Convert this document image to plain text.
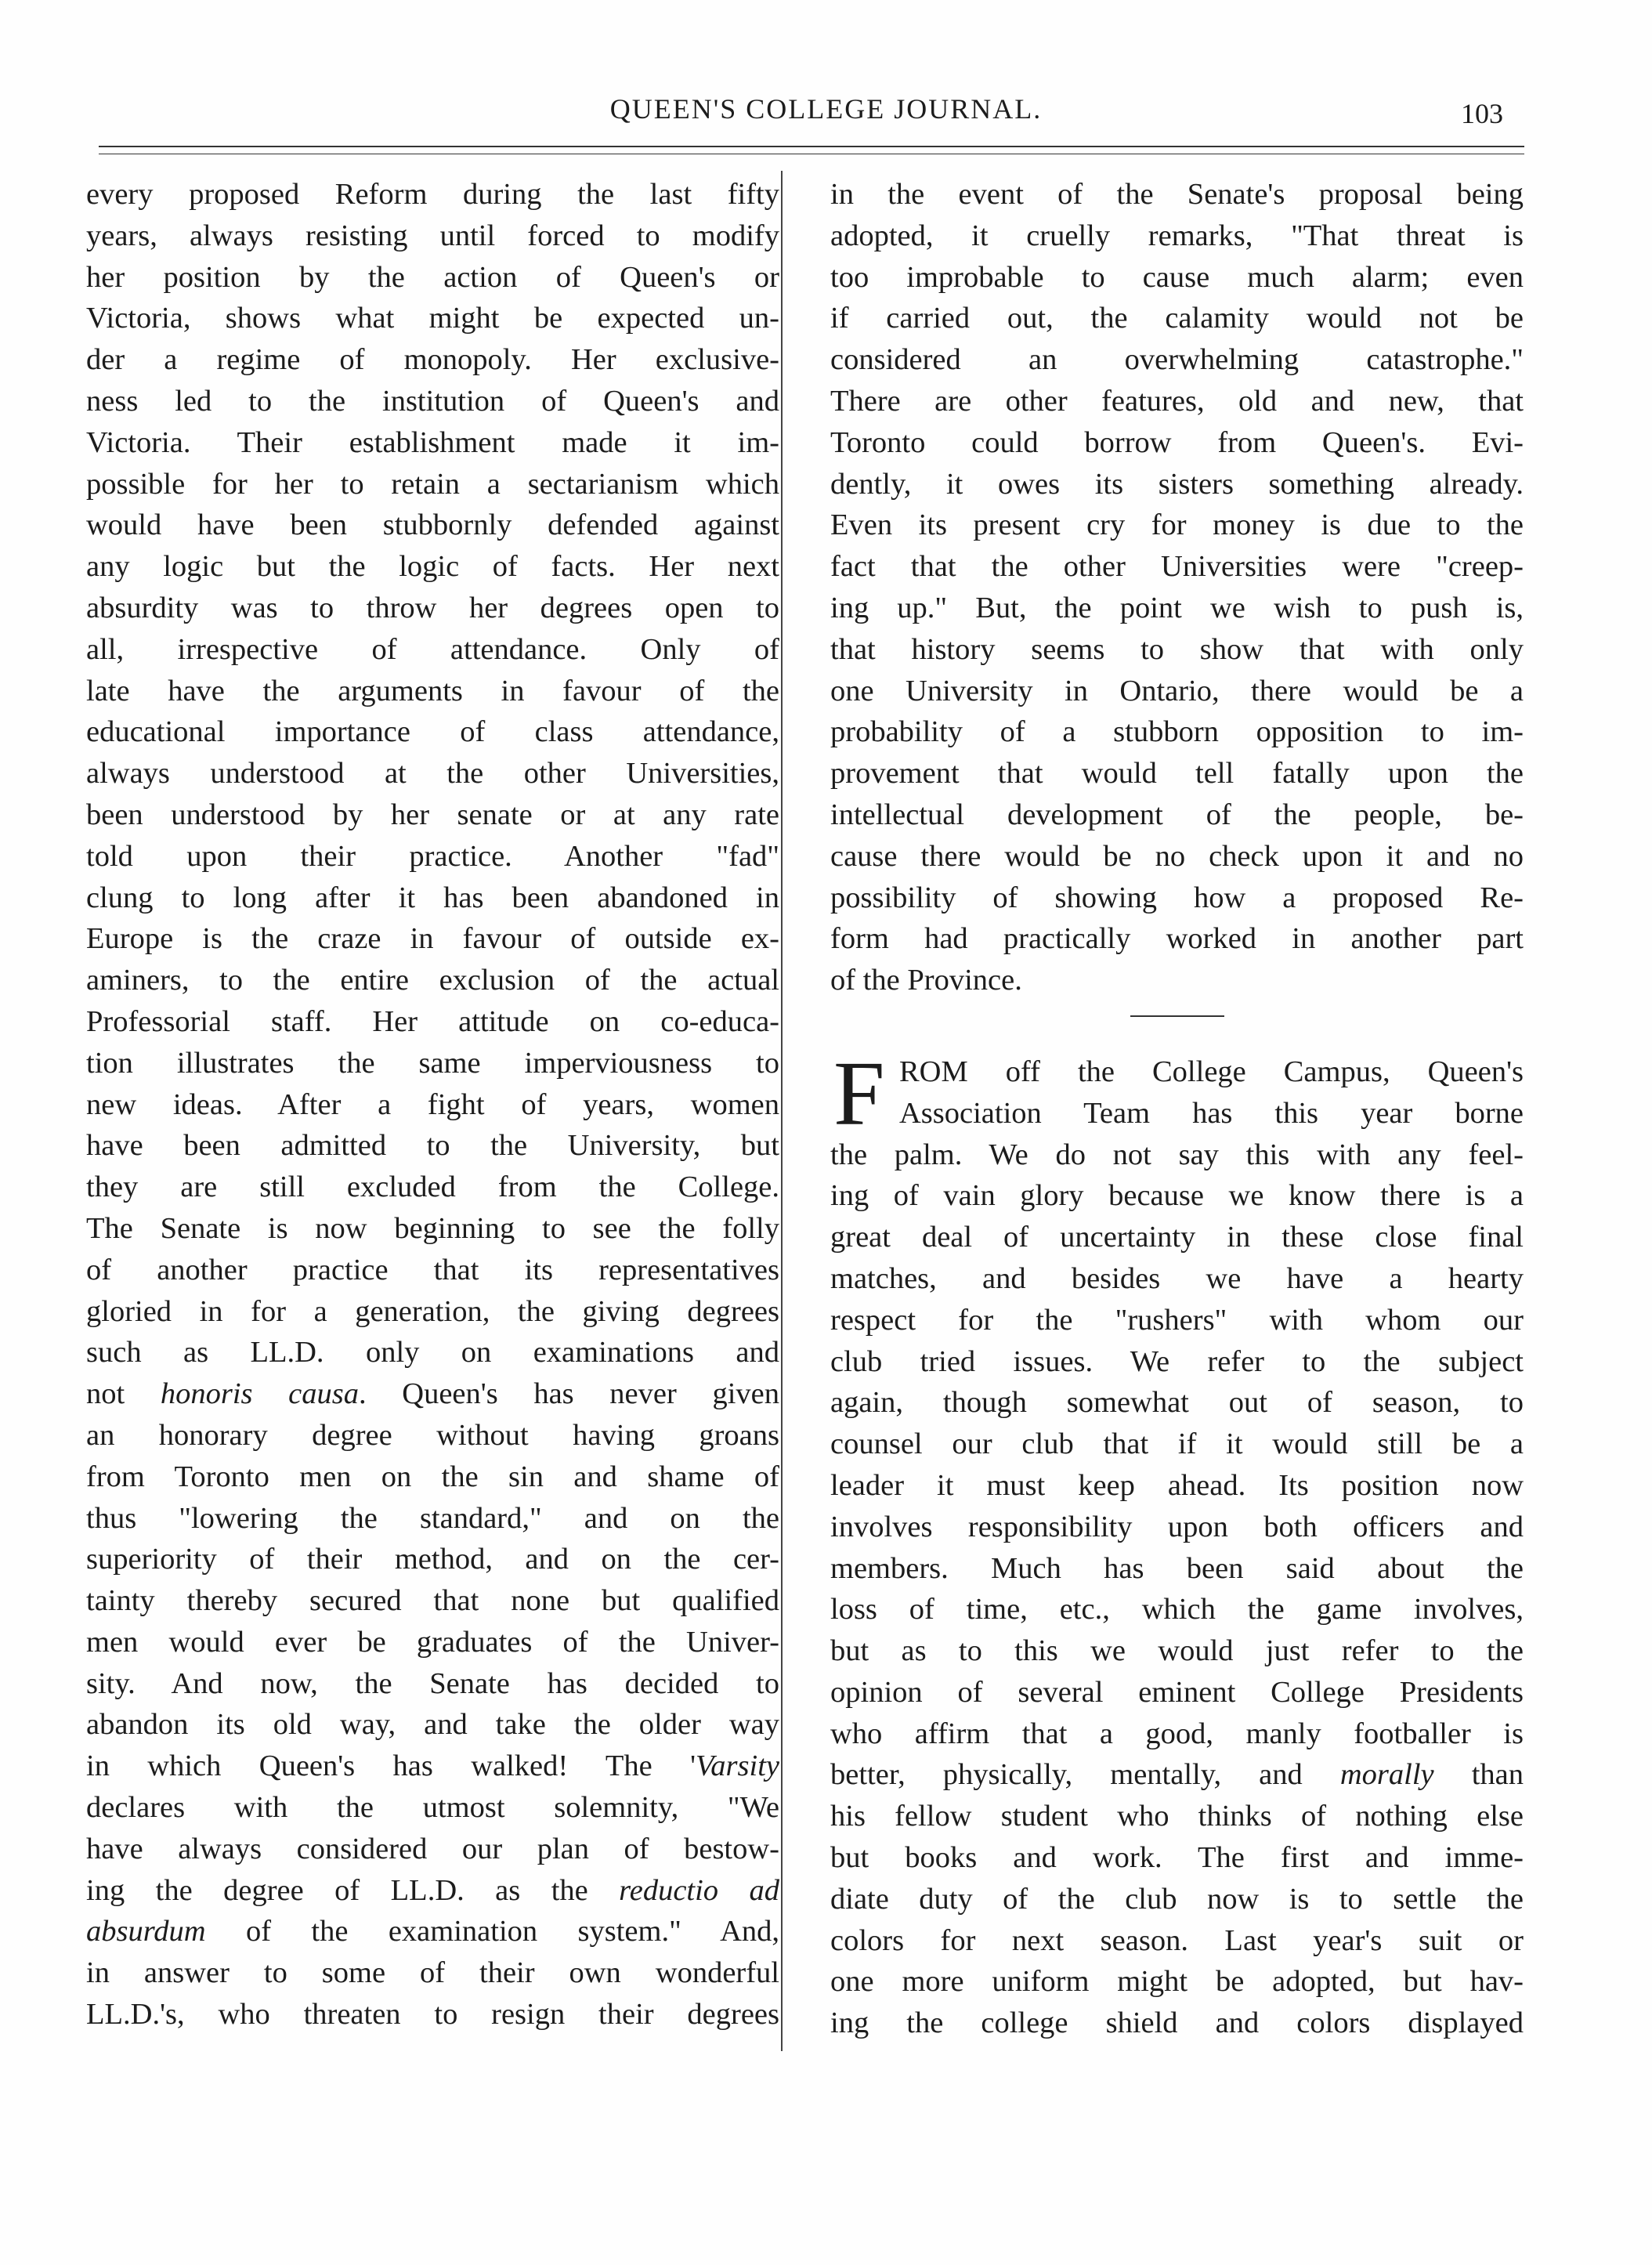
QUEEN'S COLLEGE JOURNAL.	103
every proposed Reform during the last fifty
years, always resisting until forced to modify
her position by the action of Queen's or
Victoria, shows what might be expected un-
der a regime of monopoly. Her exclusive-
ness led to the institution of Queen's and
Victoria. Their establishment made it im-
possible for her to retain a sectarianism which
would have been stubbornly defended against
any logic but the logic of facts. Her next
absurdity was to throw her degrees open to
all, irrespective of attendance. Only of
late have the arguments in favour of the
educational importance of class attendance,
always understood at the other Universities,
been understood by her senate or at any rate
told upon their practice. Another "fad"
clung to long after it has been abandoned in
Europe is the craze in favour of outside ex-
aminers, to the entire exclusion of the actual
Professorial staff. Her attitude on co-educa-
tion illustrates the same imperviousness to
new ideas. After a fight of years, women
have been admitted to the University, but
they are still excluded from the College.
The Senate is now beginning to see the folly
of another practice that its representatives
gloried in for a generation, the giving degrees
such as LL.D. only on examinations and
not honoris causa. Queen's has never given
an honorary degree without having groans
from Toronto men on the sin and shame of
thus "lowering the standard," and on the
superiority of their method, and on the cer-
tainty thereby secured that none but qualified
men would ever be graduates of the Univer-
sity. And now, the Senate has decided to
abandon its old way, and take the older way
in which Queen's has walked! The 'Varsity
declares with the utmost solemnity, "We
have always considered our plan of bestow-
ing the degree of LL.D. as the reductio ad
absurdum of the examination system." And,
in answer to some of their own wonderful
LL.D.'s, who threaten to resign their degrees
in the event of the Senate's proposal being
adopted, it cruelly remarks, "That threat is
too improbable to cause much alarm; even
if carried out, the calamity would not be
considered an overwhelming catastrophe."
There are other features, old and new, that
Toronto could borrow from Queen's. Evi-
dently, it owes its sisters something already.
Even its present cry for money is due to the
fact that the other Universities were "creep-
ing up." But, the point we wish to push is,
that history seems to show that with only
one University in Ontario, there would be a
probability of a stubborn opposition to im-
provement that would tell fatally upon the
intellectual development of the people, be-
cause there would be no check upon it and no
possibility of showing how a proposed Re-
form had practically worked in another part
of the Province.
F ROM off the College Campus, Queen's
Association Team has this year borne
the palm. We do not say this with any feel-
ing of vain glory because we know there is a
great deal of uncertainty in these close final
matches, and besides we have a hearty
respect for the "rushers" with whom our
club tried issues. We refer to the subject
again, though somewhat out of season, to
counsel our club that if it would still be a
leader it must keep ahead. Its position now
involves responsibility upon both officers and
members. Much has been said about the
loss of time, etc., which the game involves,
but as to this we would just refer to the
opinion of several eminent College Presidents
who affirm that a good, manly footballer is
better, physically, mentally, and morally than
his fellow student who thinks of nothing else
but books and work. The first and imme-
diate duty of the club now is to settle the
colors for next season. Last year's suit or
one more uniform might be adopted, but hav-
ing the college shield and colors displayed
